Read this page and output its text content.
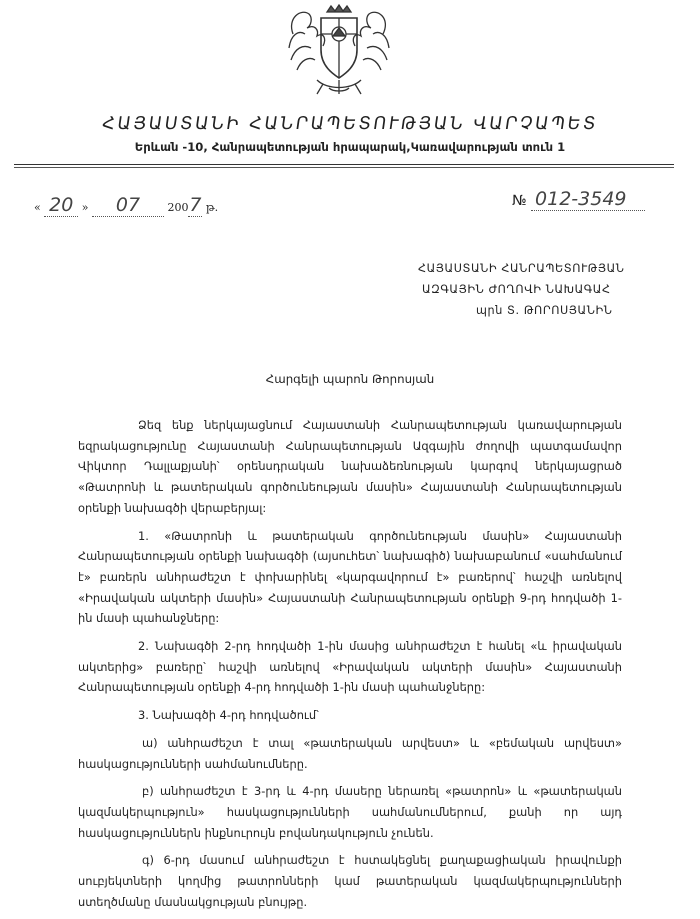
ՀԱՅԱՍՏԱՆԻ ՀԱՆՐԱՊԵՏՈՒԹՅԱՆ ՎԱՐՉԱՊԵՏ
Երևան -10, Հանրապետության հրապարակ,Կառավարության տուն 1
« 20 » 07 2007 թ.	№ 012-3549
ՀԱՅԱՍՏԱՆԻ ՀԱՆՐԱՊԵՏՈՒԹՅԱՆ
ԱԶԳԱՅԻՆ ԺՈՂՈՎԻ ՆԱԽԱԳԱՀ
պրն Տ. ԹՈՐՈՍՅԱՆԻՆ
Հարգելի պարոն Թորոսյան

Ձեզ ենք ներկայացնում Հայաստանի Հանրապետության կառավարության եզրակացությունը Հայաստանի Հանրապետության Ազգային ժողովի պատգամավոր Վիկտոր Դալլաքյանի՝ օրենսդրական նախաձեռնության կարգով ներկայացրած «Թատրոնի և թատերական գործունեության մասին» Հայաստանի Հանրապետության օրենքի նախագծի վերաբերյալ:

1. «Թատրոնի և թատերական գործունեության մասին» Հայաստանի Հանրապետության օրենքի նախագծի (այսուհետ՝ նախագիծ) նախաբանում «սահմանում է» բառերն անհրաժեշտ է փոխարինել «կարգավորում է» բառերով՝ հաշվի առնելով «Իրավական ակտերի մասին» Հայաստանի Հանրապետության օրենքի 9-րդ հոդվածի 1-ին մասի պահանջները:

2. Նախագծի 2-րդ հոդվածի 1-ին մասից անհրաժեշտ է հանել «և իրավական ակտերից» բառերը՝ հաշվի առնելով «Իրավական ակտերի մասին» Հայաստանի Հանրապետության օրենքի 4-րդ հոդվածի 1-ին մասի պահանջները:

3. Նախագծի 4-րդ հոդվածում՝

ա) անհրաժեշտ է տալ «թատերական արվեստ» և «բեմական արվեստ» հասկացությունների սահմանումները.

բ) անհրաժեշտ է 3-րդ և 4-րդ մասերը ներառել «թատրոն» և «թատերական կազմակերպություն» հասկացությունների սահմանումներում, քանի որ այդ հասկացություններն ինքնուրույն բովանդակություն չունեն.

գ) 6-րդ մասում անհրաժեշտ է հստակեցնել քաղաքացիական իրավունքի սուբյեկտների կողմից թատրոնների կամ թատերական կազմակերպությունների ստեղծմանը մասնակցության բնույթը.
